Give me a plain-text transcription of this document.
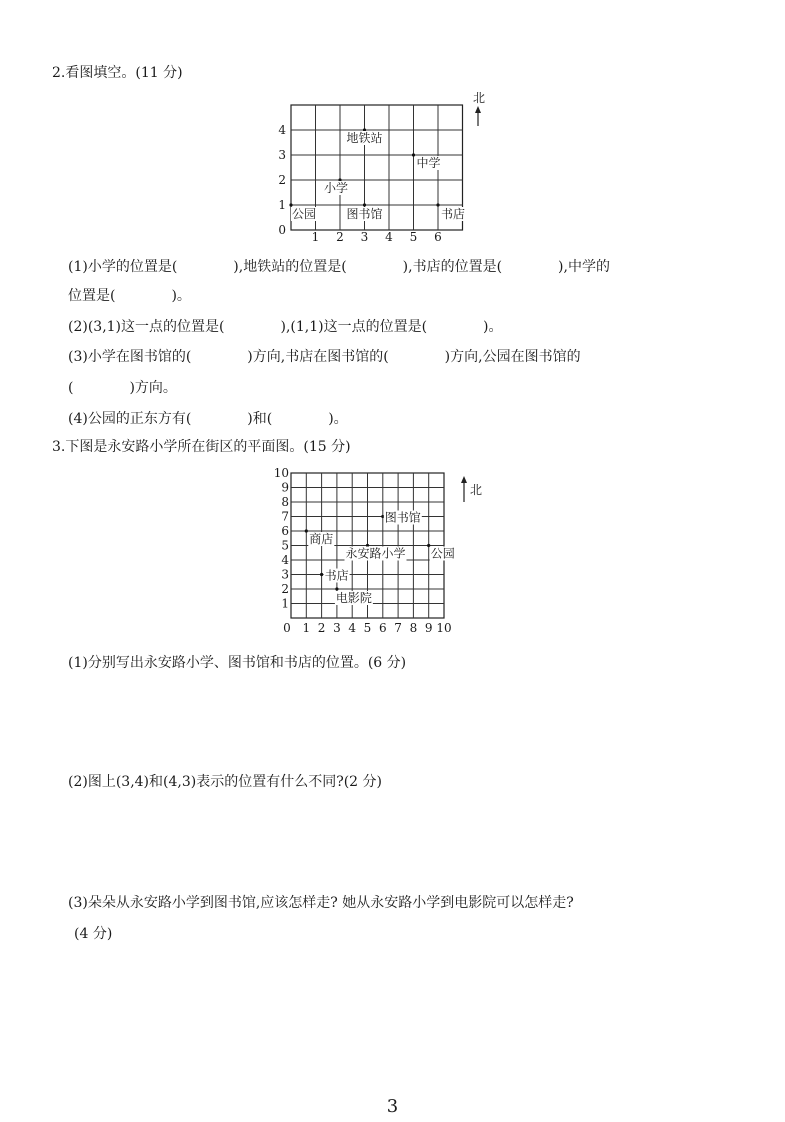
2.看图填空。(11 分)
1 2 3 4 5 6
0
1
2
3
4
地铁站
中学
小学
公园	图书馆	书店
北
(1)小学的位置是(　　　　),地铁站的位置是(　　　　),书店的位置是(　　　　),中学的
位置是(　　　　)。
(2)(3,1)这一点的位置是(　　　　),(1,1)这一点的位置是(　　　　)。
(3)小学在图书馆的(　　　　)方向,书店在图书馆的(　　　　)方向,公园在图书馆的
(　　　　)方向。
(4)公园的正东方有(　　　　)和(　　　　)。
3.下图是永安路小学所在街区的平面图。(15 分)
0 1 2 3 4 5 6 7 8 9 10
1
2
3
4
5
6
7
8
9
10
图书馆
商店
永安路小学 公园
书店
电影院
北
(1)分别写出永安路小学、图书馆和书店的位置。(6 分)
(2)图上(3,4)和(4,3)表示的位置有什么不同?(2 分)
(3)朵朵从永安路小学到图书馆,应该怎样走? 她从永安路小学到电影院可以怎样走?
(4 分)
3
